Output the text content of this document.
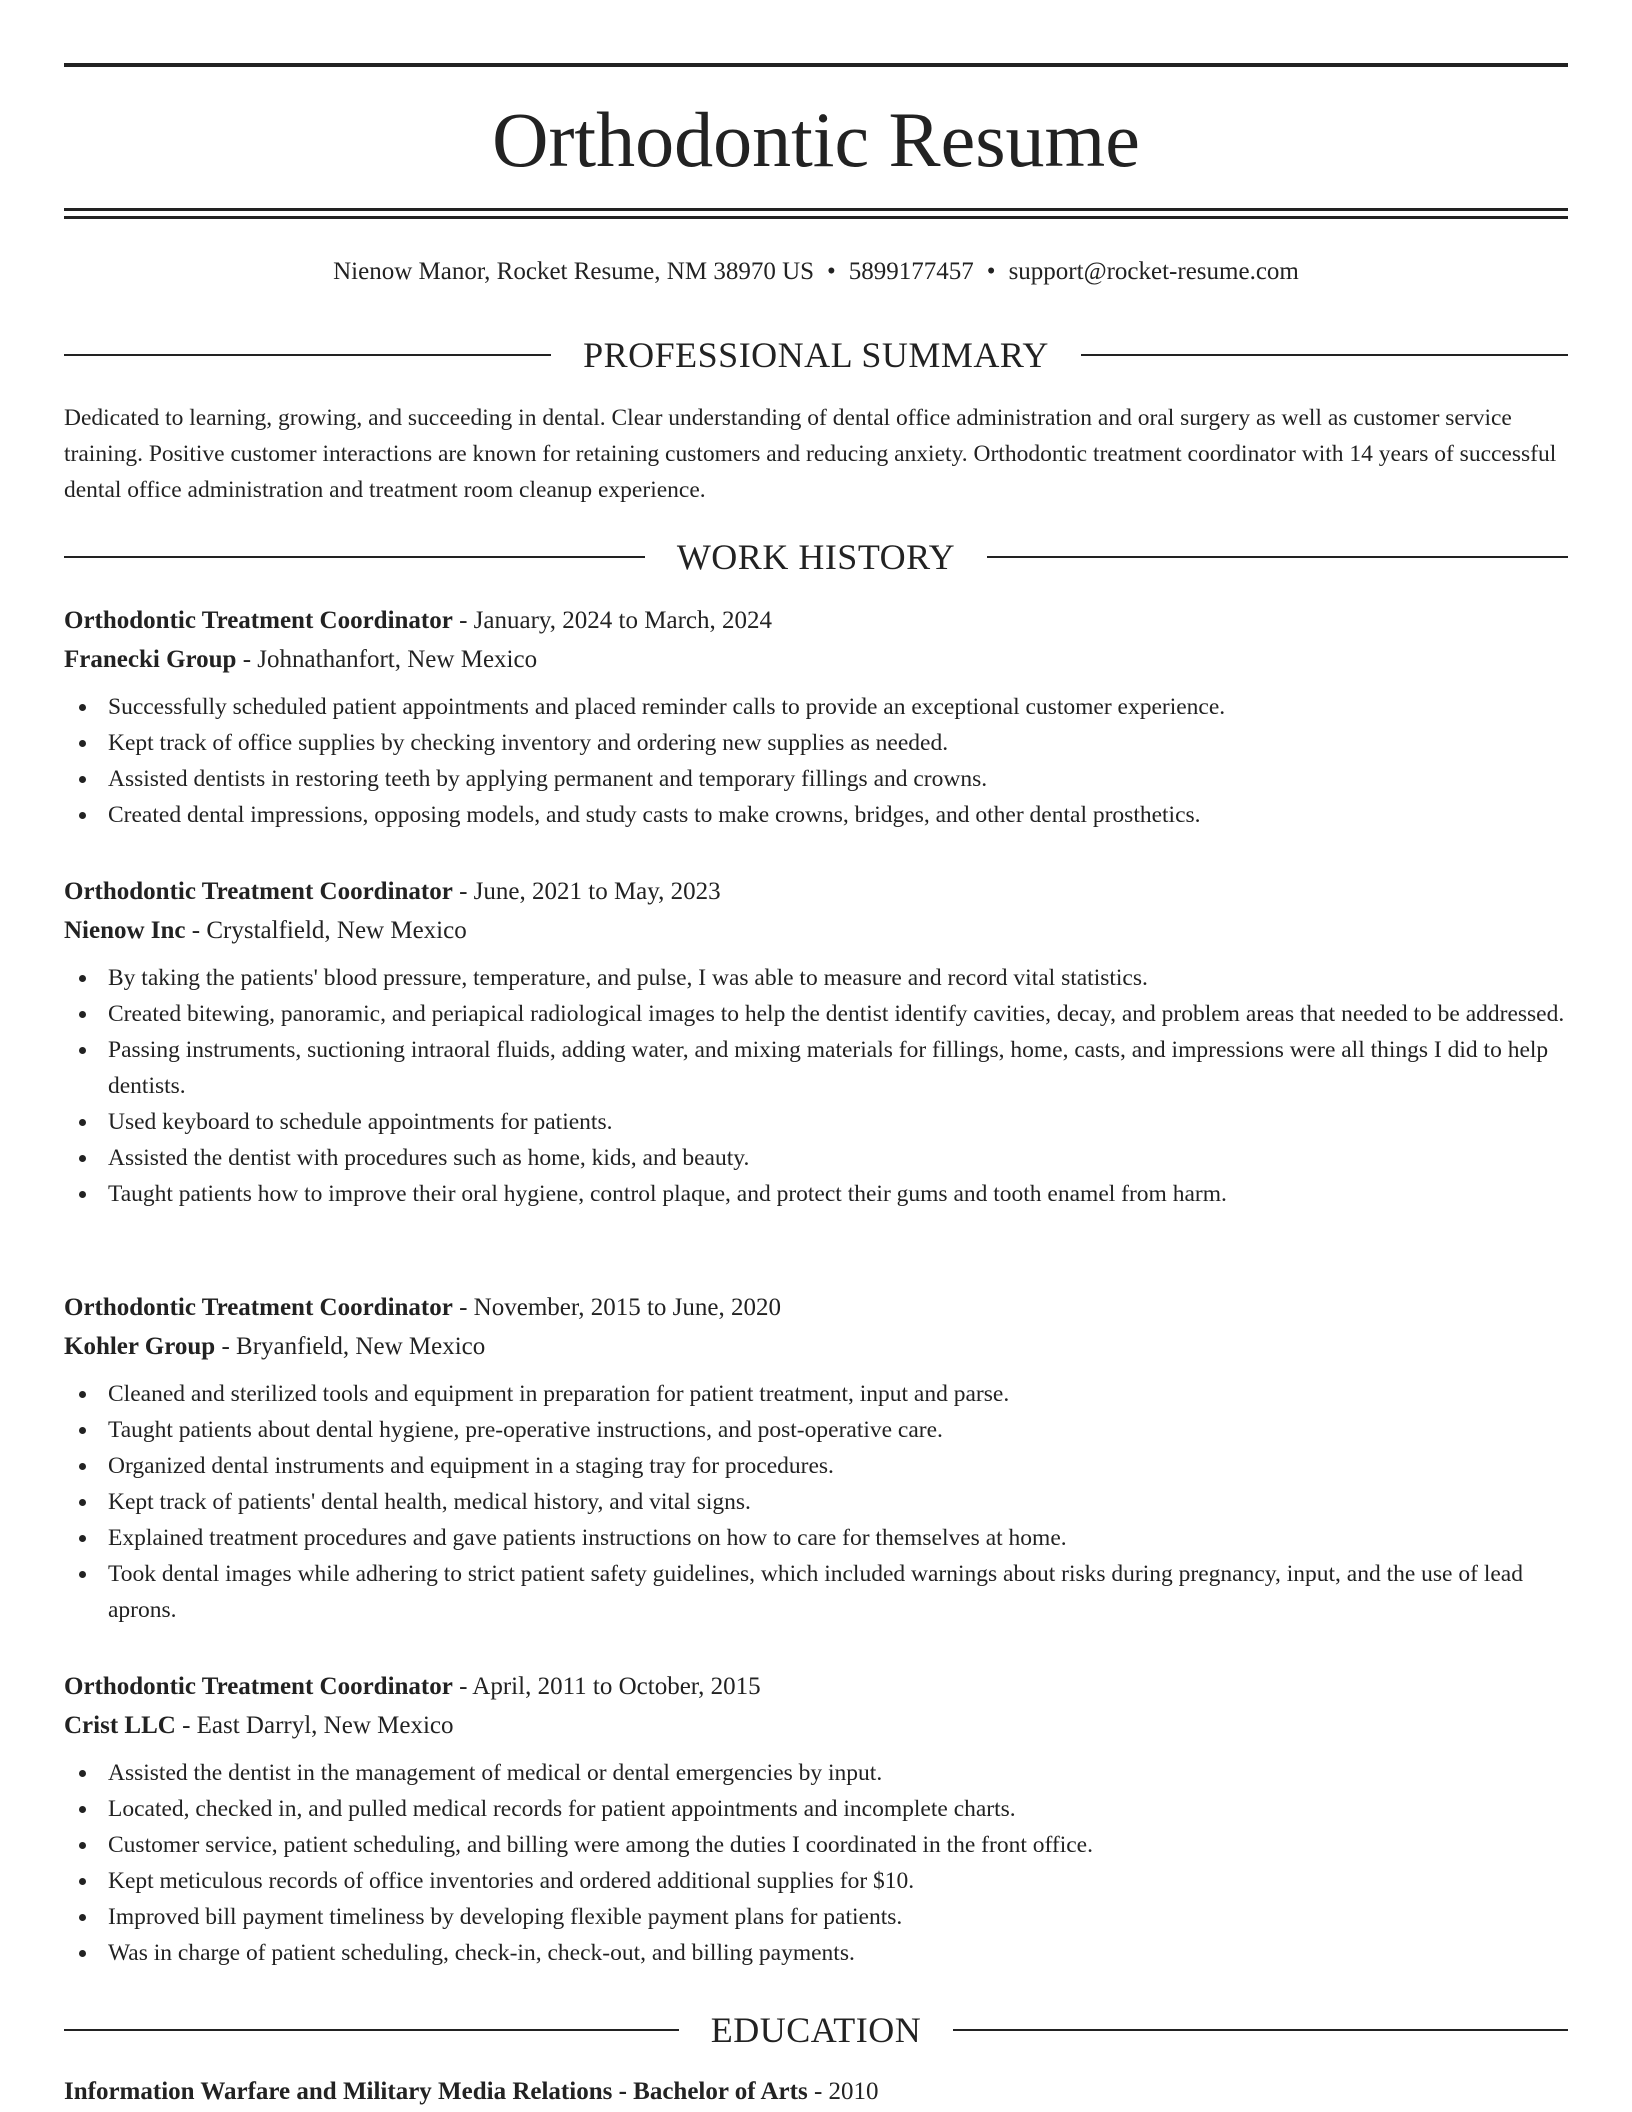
Orthodontic Resume
Nienow Manor, Rocket Resume, NM 38970 US • 5899177457 • support@rocket-resume.com
PROFESSIONAL SUMMARY

Dedicated to learning, growing, and succeeding in dental. Clear understanding of dental office administration and oral surgery as well as customer service training. Positive customer interactions are known for retaining customers and reducing anxiety. Orthodontic treatment coordinator with 14 years of successful dental office administration and treatment room cleanup experience.

WORK HISTORY
Orthodontic Treatment Coordinator - January, 2024 to March, 2024
Franecki Group - Johnathanfort, New Mexico
Successfully scheduled patient appointments and placed reminder calls to provide an exceptional customer experience.
Kept track of office supplies by checking inventory and ordering new supplies as needed.
Assisted dentists in restoring teeth by applying permanent and temporary fillings and crowns.
Created dental impressions, opposing models, and study casts to make crowns, bridges, and other dental prosthetics.
Orthodontic Treatment Coordinator - June, 2021 to May, 2023
Nienow Inc - Crystalfield, New Mexico
By taking the patients' blood pressure, temperature, and pulse, I was able to measure and record vital statistics.
Created bitewing, panoramic, and periapical radiological images to help the dentist identify cavities, decay, and problem areas that needed to be addressed.
Passing instruments, suctioning intraoral fluids, adding water, and mixing materials for fillings, home, casts, and impressions were all things I did to help dentists.
Used keyboard to schedule appointments for patients.
Assisted the dentist with procedures such as home, kids, and beauty.
Taught patients how to improve their oral hygiene, control plaque, and protect their gums and tooth enamel from harm.
Orthodontic Treatment Coordinator - November, 2015 to June, 2020
Kohler Group - Bryanfield, New Mexico
Cleaned and sterilized tools and equipment in preparation for patient treatment, input and parse.
Taught patients about dental hygiene, pre-operative instructions, and post-operative care.
Organized dental instruments and equipment in a staging tray for procedures.
Kept track of patients' dental health, medical history, and vital signs.
Explained treatment procedures and gave patients instructions on how to care for themselves at home.
Took dental images while adhering to strict patient safety guidelines, which included warnings about risks during pregnancy, input, and the use of lead aprons.
Orthodontic Treatment Coordinator - April, 2011 to October, 2015
Crist LLC - East Darryl, New Mexico
Assisted the dentist in the management of medical or dental emergencies by input.
Located, checked in, and pulled medical records for patient appointments and incomplete charts.
Customer service, patient scheduling, and billing were among the duties I coordinated in the front office.
Kept meticulous records of office inventories and ordered additional supplies for $10.
Improved bill payment timeliness by developing flexible payment plans for patients.
Was in charge of patient scheduling, check-in, check-out, and billing payments.
EDUCATION
Information Warfare and Military Media Relations - Bachelor of Arts - 2010
